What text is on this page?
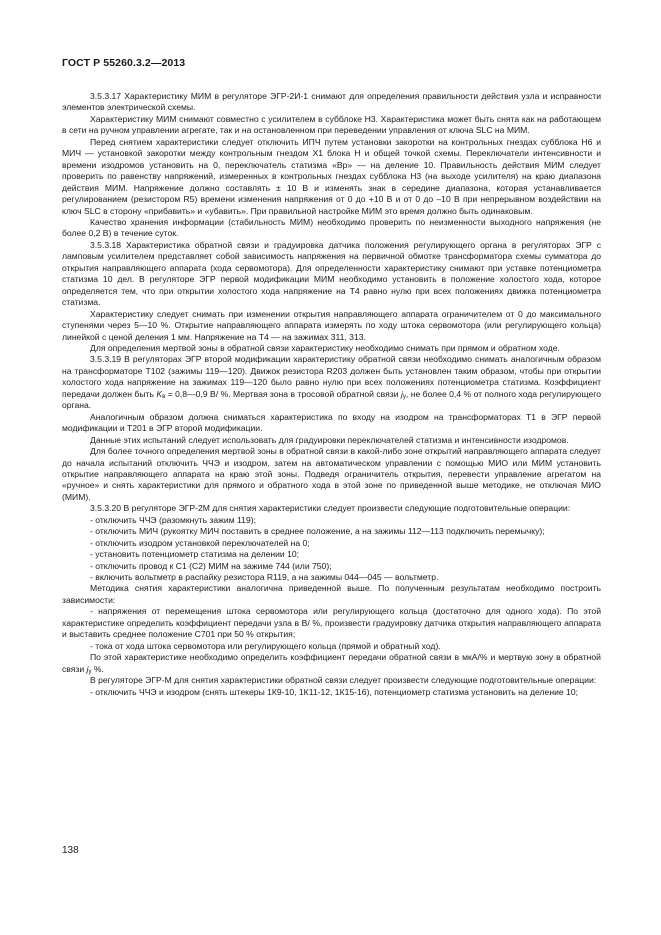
ГОСТ Р 55260.3.2—2013

3.5.3.17 Характеристику МИМ в регуляторе ЭГР-2И-1 снимают для определения правильности действия узла и исправности элементов электрической схемы.

Характеристику МИМ снимают совместно с усилителем в субблоке Н3. Характеристика может быть снята как на работающем в сети на ручном управлении агрегате, так и на остановленном при переведении управления от ключа SLC на МИМ.

Перед снятием характеристики следует отключить ИПЧ путем установки закоротки на контрольных гнездах субблока Н6 и МИЧ — установкой закоротки между контрольным гнездом Х1 блока Н и общей точкой схемы. Переключатели интенсивности и времени изодромов установить на 0, переключатель статизма «Вр» — на деление 10. Правильность действия МИМ следует проверить по равенству напряжений, измеренных в контрольных гнездах субблока Н3 (на выходе усилителя) на краю диапазона действия МИМ. Напряжение должно составлять ± 10 В и изменять знак в середине диапазона, которая устанавливается регулированием (резистором R5) времени изменения напряжения от 0 до +10 В и от 0 до –10 В при непрерывном воздействии на ключ SLC в сторону «прибавить» и «убавить». При правильной настройке МИМ это время должно быть одинаковым.

Качество хранения информации (стабильность МИМ) необходимо проверить по неизменности выходного напряжения (не более 0,2 В) в течение суток.

3.5.3.18 Характеристика обратной связи и градуировка датчика положения регулирующего органа в регуляторах ЭГР с ламповым усилителем представляет собой зависимость напряжения на первичной обмотке трансформатора схемы сумматора до открытия направляющего аппарата (хода сервомотора). Для определенности характеристику снимают при уставке потенциометра статизма 10 дел. В регуляторе ЭГР первой модификации МИМ необходимо установить в положение холостого хода, которое определяется тем, что при открытии холостого хода напряжение на Т4 равно нулю при всех положениях движка потенциометра статизма.

Характеристику следует снимать при изменении открытия направляющего аппарата ограничителем от 0 до максимального ступенями через 5—10 %. Открытие направляющего аппарата измерять по ходу штока сервомотора (или регулирующего кольца) линейкой с ценой деления 1 мм. Напряжение на Т4 — на зажимах 311, 313.

Для определения мертвой зоны в обратной связи характеристику необходимо снимать при прямом и обратном ходе.

3.5.3.19 В регуляторах ЭГР второй модификации характеристику обратной связи необходимо снимать аналогичным образом на трансформаторе Т102 (зажимы 119—120). Движок резистора R203 должен быть установлен таким образом, чтобы при открытии холостого хода напряжение на зажимах 119—120 было равно нулю при всех положениях потенциометра статизма. Коэффициент передачи должен быть $K_в$ = 0,8—0,9 В/ %. Мертвая зона в тросовой обратной связи $j_у$, не более 0,4 % от полного хода регулирующего органа.

Аналогичным образом должна сниматься характеристика по входу на изодром на трансформаторах Т1 в ЭГР первой модификации и Т201 в ЭГР второй модификации.

Данные этих испытаний следует использовать для градуировки переключателей статизма и интенсивности изодромов.

Для более точного определения мертвой зоны в обратной связи в какой-либо зоне открытий направляющего аппарата следует до начала испытаний отключить ЧЧЭ и изодром, затем на автоматическом управлении с помощью МИО или МИМ установить открытие направляющего аппарата на краю этой зоны. Подведя ограничитель открытия, перевести управление агрегатом на «ручное» и снять характеристики для прямого и обратного хода в этой зоне по приведенной выше методике, не отключая МИО (МИМ).

3.5.3.20 В регуляторе ЭГР-2М для снятия характеристики следует произвести следующие подготовительные операции:

- отключить ЧЧЭ (разомкнуть зажим 119);

- отключить МИЧ (рукоятку МИЧ поставить в среднее положение, а на зажимы 112—113 подключить перемычку);

- отключить изодром установкой переключателей на 0;

- установить потенциометр статизма на делении 10;

- отключить провод к С1 (С2) МИМ на зажиме 744 (или 750);

- включить вольтметр в распайку резистора R119, а на зажимы 044—045 — вольтметр.

Методика снятия характеристики аналогична приведенной выше. По полученным результатам необходимо построить зависимости:

- напряжения от перемещения штока сервомотора или регулирующего кольца (достаточно для одного хода). По этой характеристике определить коэффициент передачи узла в В/ %, произвести градуировку датчика открытия направляющего аппарата и выставить среднее положение С701 при 50 % открытия;

- тока от хода штока сервомотора или регулирующего кольца (прямой и обратный ход).

По этой характеристике необходимо определить коэффициент передачи обратной связи в мкА/% и мертвую зону в обратной связи $j_у$ %.

В регуляторе ЭГР-М для снятия характеристики обратной связи следует произвести следующие подготовительные операции:

- отключить ЧЧЭ и изодром (снять штекеры 1К9-10, 1К11-12, 1К15-16), потенциометр статизма установить на деление 10;

138
